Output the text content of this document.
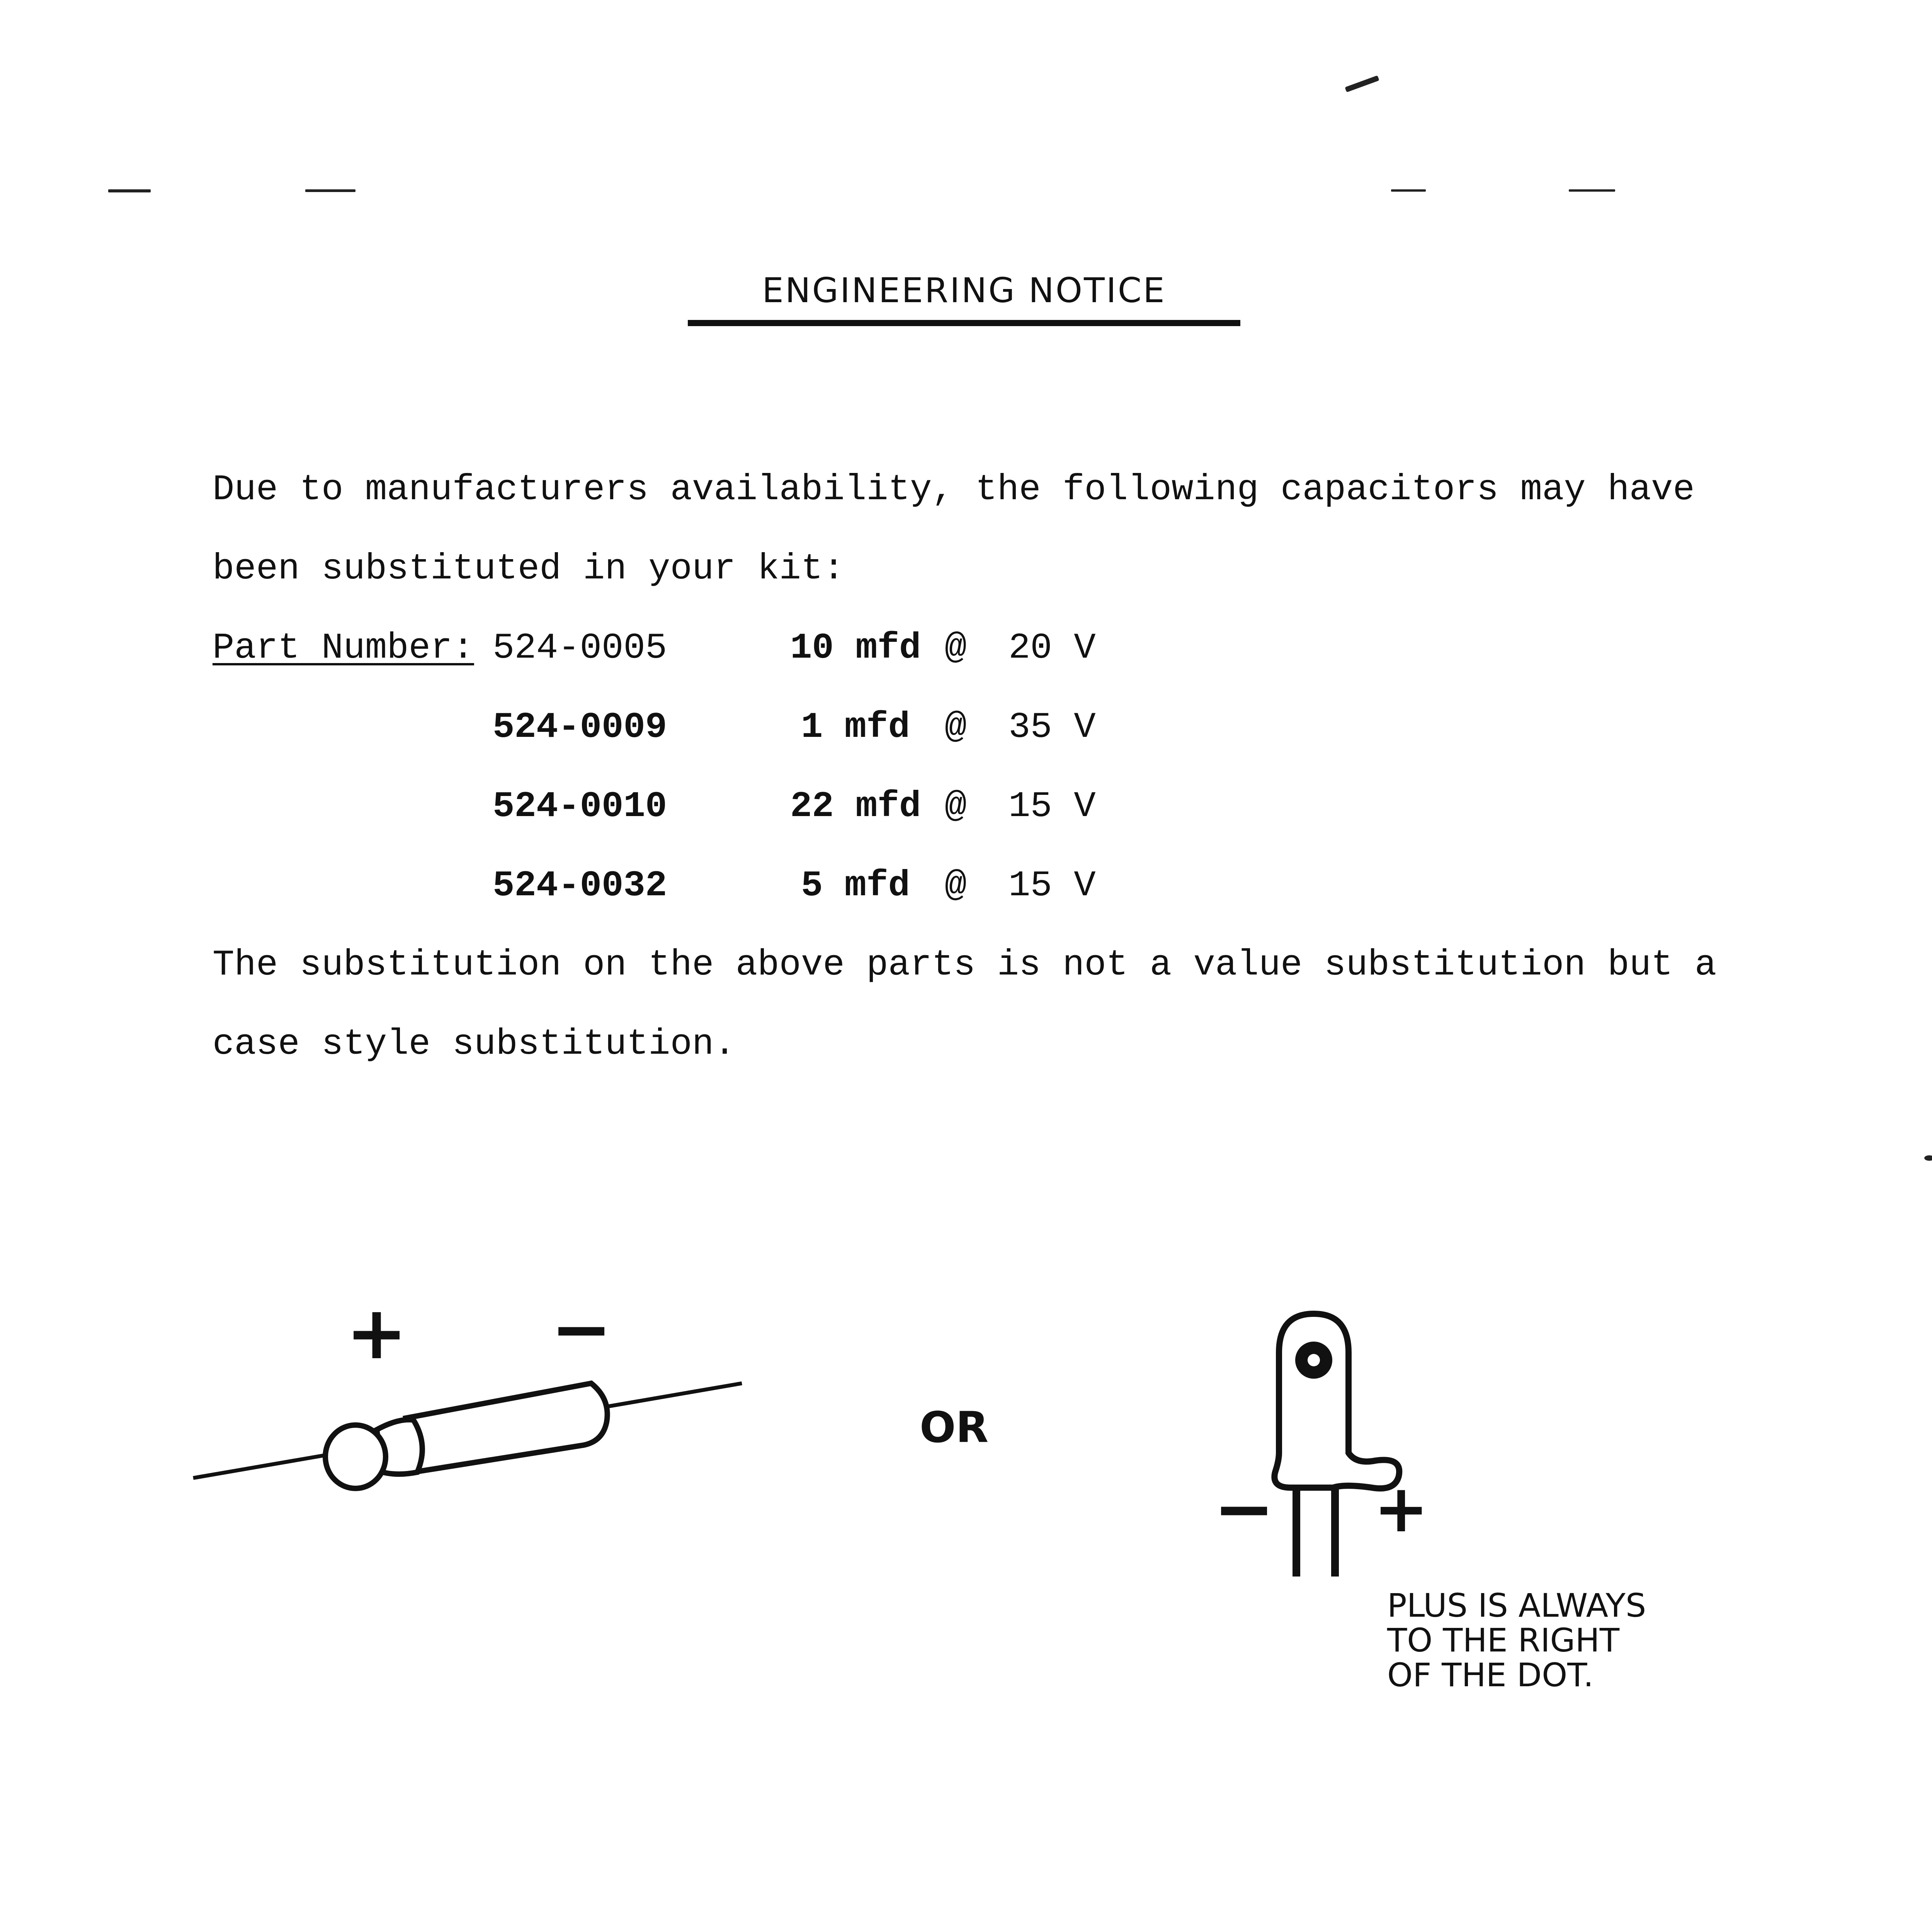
ENGINEERING NOTICE
Due to manufacturers availability, the following capacitors may have
been substituted in your kit:
Part Number: 524-0005	10 mfd @ 20 V
524-0009	1 mfd @ 35 V
524-0010	22 mfd @ 15 V
524-0032	5 mfd @ 15 V
The substitution on the above parts is not a value substitution but a
case style substitution.
+ −
OR
− +
PLUS IS ALWAYS
TO THE RIGHT
OF THE DOT.
